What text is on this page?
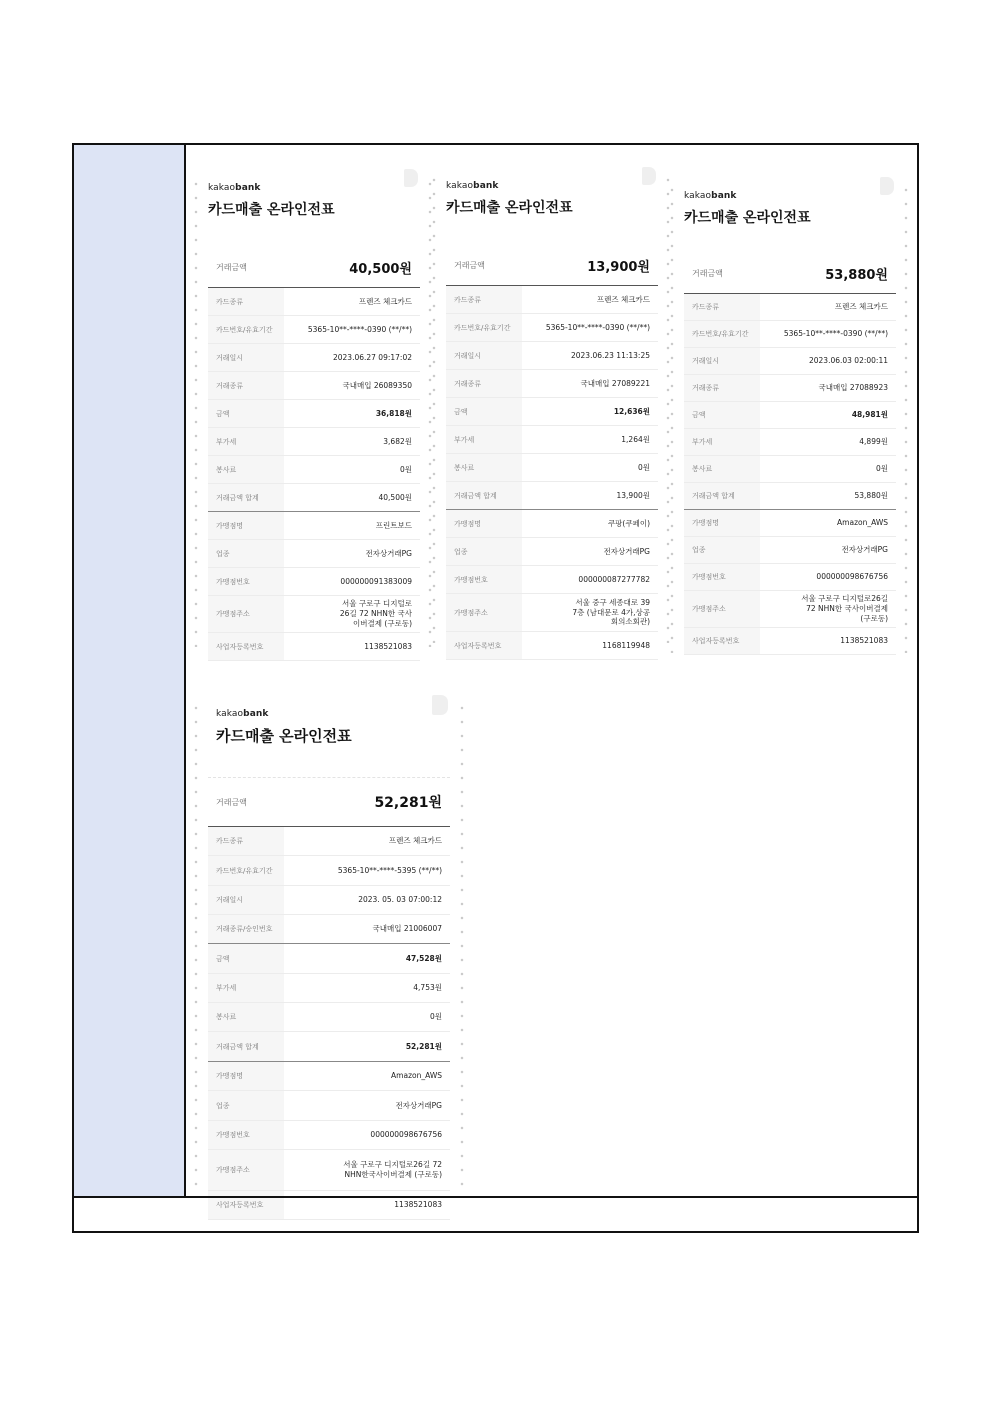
kakaobank
카드매출 온라인전표
거래금액	40,500원
카드종류	프렌즈 체크카드
카드번호/유효기간	5365-10**-****-0390 (**/**)
거래일시	2023.06.27 09:17:02
거래종류	국내매입 26089350
금액	36,818원
부가세	3,682원
봉사료	0원
거래금액 합계	40,500원
가맹점명	프린트보드
업종	전자상거래PG
가맹점번호	000000091383009
가맹점주소
서울 구로구 디지털로26길 72 NHN한 국사이버결제 (구로동)
사업자등록번호	1138521083
kakaobank
카드매출 온라인전표
거래금액	13,900원
카드종류	프렌즈 체크카드
카드번호/유효기간	5365-10**-****-0390 (**/**)
거래일시	2023.06.23 11:13:25
거래종류	국내매입 27089221
금액	12,636원
부가세	1,264원
봉사료	0원
거래금액 합계	13,900원
가맹점명	쿠팡(쿠페이)
업종	전자상거래PG
가맹점번호	000000087277782
가맹점주소
서울 중구 세종대로 39 7층 (남대문로 4가,상공회의소회관)
사업자등록번호	1168119948
kakaobank
카드매출 온라인전표
거래금액	53,880원
카드종류	프렌즈 체크카드
카드번호/유효기간	5365-10**-****-0390 (**/**)
거래일시	2023.06.03 02:00:11
거래종류	국내매입 27088923
금액	48,981원
부가세	4,899원
봉사료	0원
거래금액 합계	53,880원
가맹점명	Amazon_AWS
업종	전자상거래PG
가맹점번호	000000098676756
가맹점주소
서울 구로구 디지털로26길 72 NHN한 국사이버결제 (구로동)
사업자등록번호	1138521083
kakaobank
카드매출 온라인전표
거래금액	52,281원
카드종류	프렌즈 체크카드
카드번호/유효기간	5365-10**-****-5395 (**/**)
거래일시	2023. 05. 03 07:00:12
거래종류/승인번호	국내매입 21006007
금액	47,528원
부가세	4,753원
봉사료	0원
거래금액 합계	52,281원
가맹점명	Amazon_AWS
업종	전자상거래PG
가맹점번호	000000098676756
가맹점주소
서울 구로구 디지털로26길 72 NHN한국사이버결제 (구로동)
사업자등록번호	1138521083
